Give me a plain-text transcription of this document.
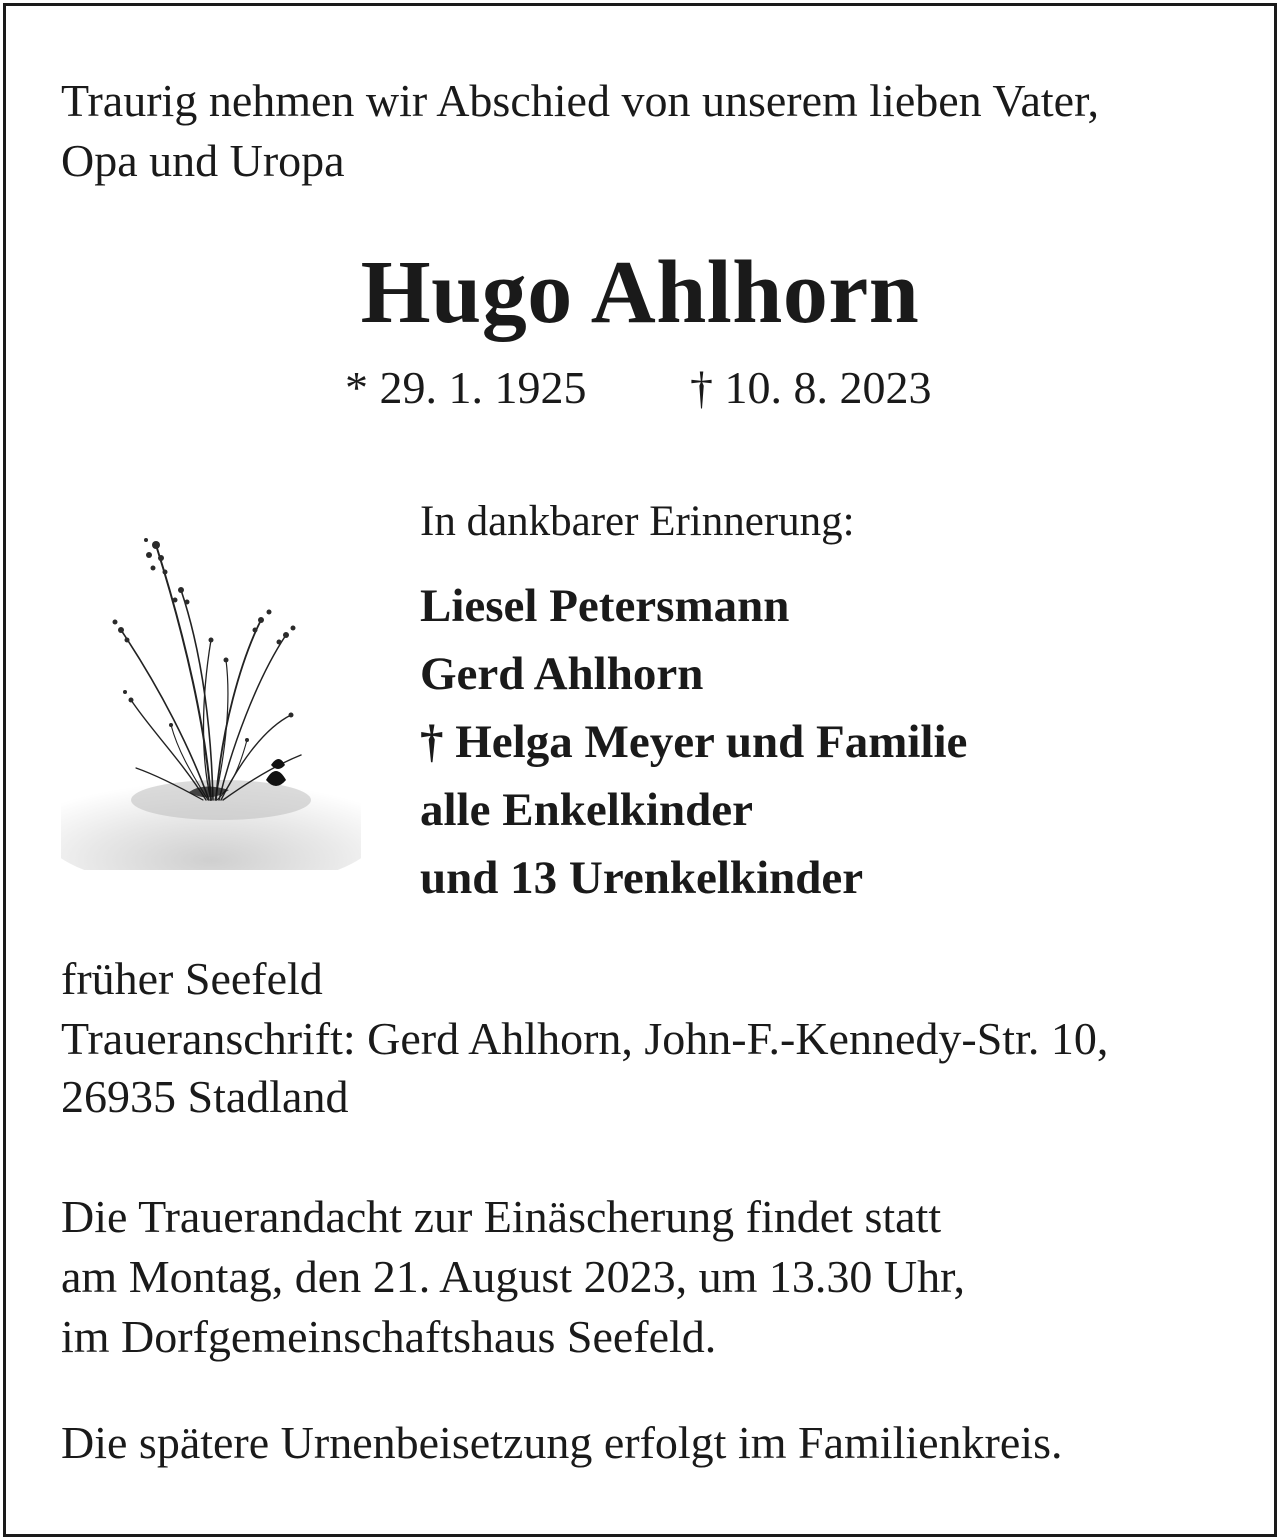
Traurig nehmen wir Abschied von unserem lieben Vater,
Opa und Uropa
Hugo Ahlhorn
* 29. 1. 1925 † 10. 8. 2023
In dankbarer Erinnerung:
Liesel Petersmann
Gerd Ahlhorn
† Helga Meyer und Familie
alle Enkelkinder
und 13 Urenkelkinder
früher Seefeld
Traueranschrift: Gerd Ahlhorn, John-F.-Kennedy-Str. 10,
26935 Stadland
Die Trauerandacht zur Einäscherung findet statt
am Montag, den 21. August 2023, um 13.30 Uhr,
im Dorfgemeinschaftshaus Seefeld.
Die spätere Urnenbeisetzung erfolgt im Familienkreis.
